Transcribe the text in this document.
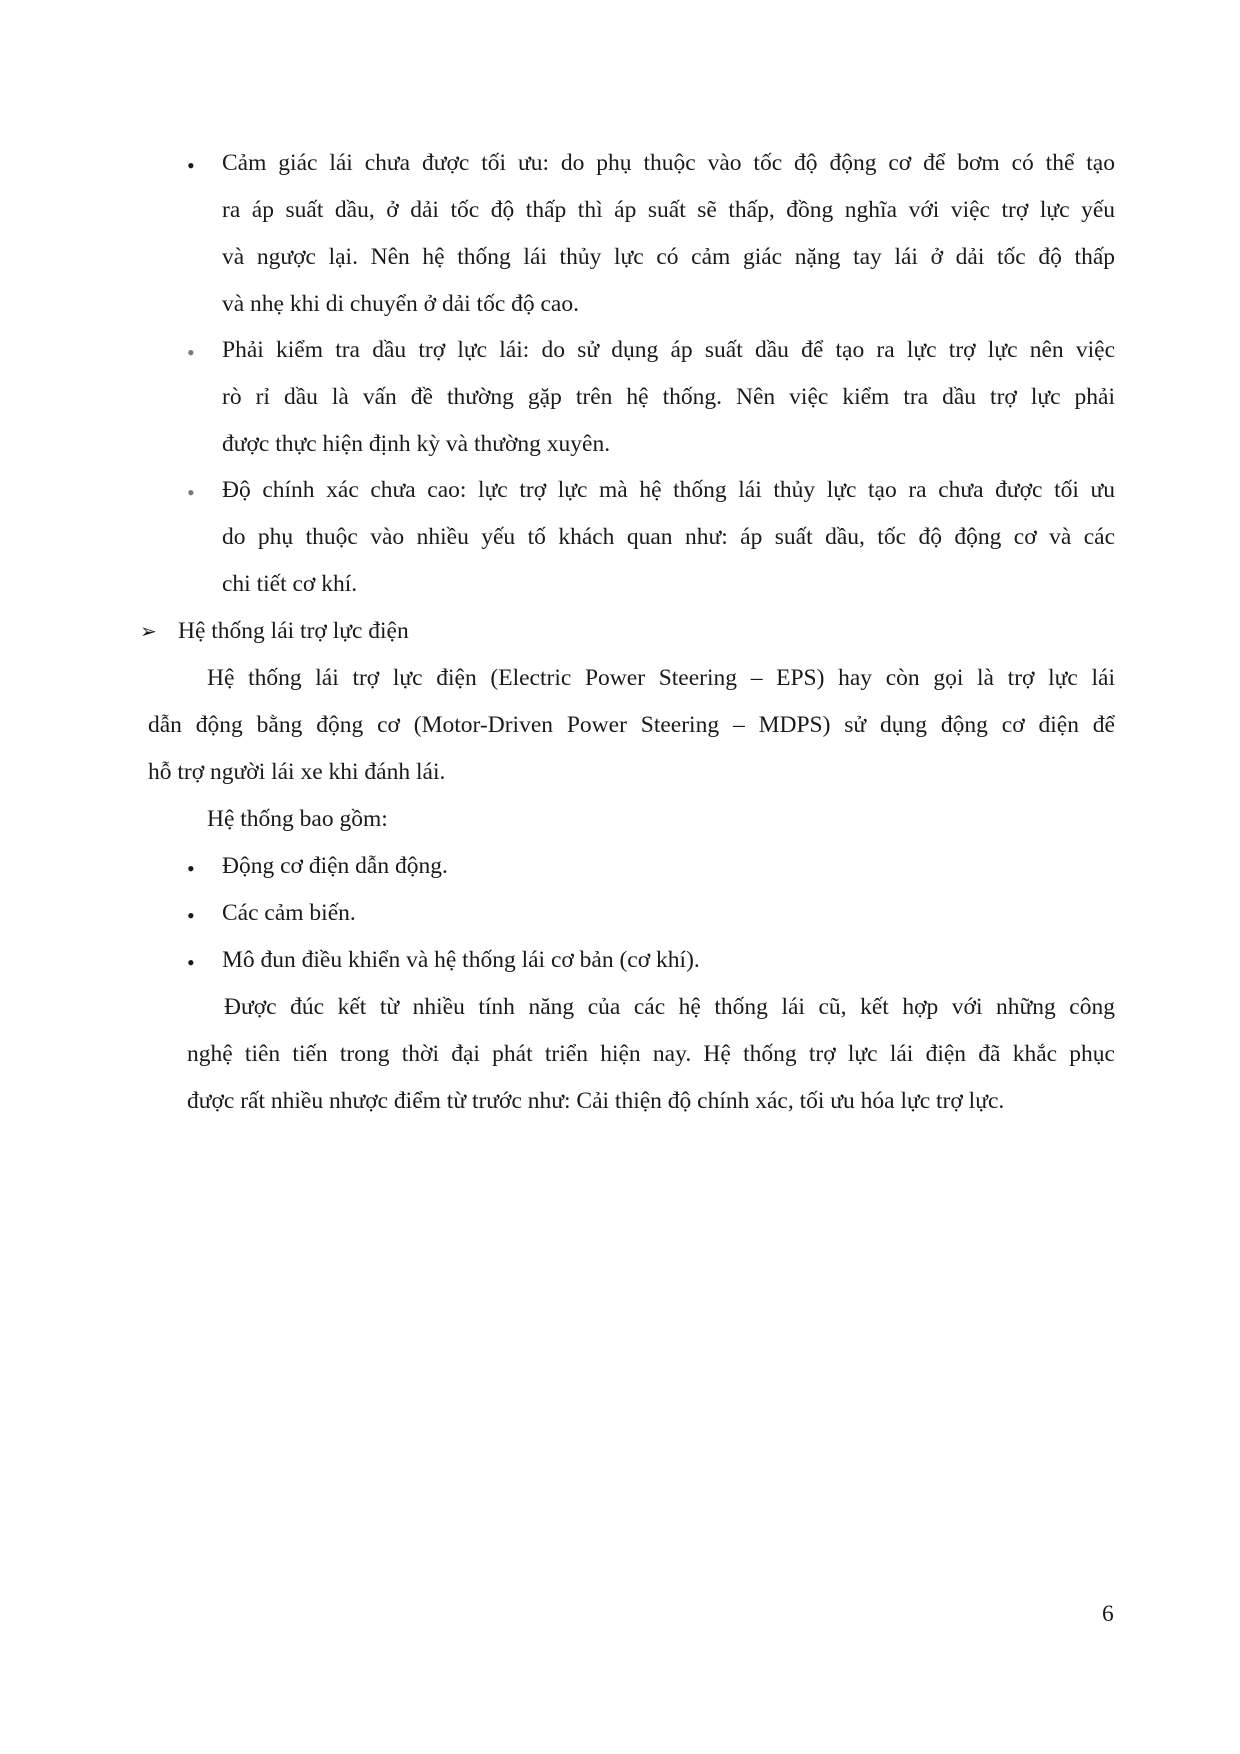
• Cảm giác lái chưa được tối ưu: do phụ thuộc vào tốc độ động cơ để bơm có thể tạo

ra áp suất dầu, ở dải tốc độ thấp thì áp suất sẽ thấp, đồng nghĩa với việc trợ lực yếu

và ngược lại. Nên hệ thống lái thủy lực có cảm giác nặng tay lái ở dải tốc độ thấp

và nhẹ khi di chuyển ở dải tốc độ cao.

• Phải kiểm tra dầu trợ lực lái: do sử dụng áp suất dầu để tạo ra lực trợ lực nên việc

rò rỉ dầu là vấn đề thường gặp trên hệ thống. Nên việc kiểm tra dầu trợ lực phải

được thực hiện định kỳ và thường xuyên.

• Độ chính xác chưa cao: lực trợ lực mà hệ thống lái thủy lực tạo ra chưa được tối ưu

do phụ thuộc vào nhiều yếu tố khách quan như: áp suất dầu, tốc độ động cơ và các

chi tiết cơ khí.

➢ Hệ thống lái trợ lực điện

Hệ thống lái trợ lực điện (Electric Power Steering – EPS) hay còn gọi là trợ lực lái

dẫn động bằng động cơ (Motor-Driven Power Steering – MDPS) sử dụng động cơ điện để

hỗ trợ người lái xe khi đánh lái.

Hệ thống bao gồm:

• Động cơ điện dẫn động.

• Các cảm biến.

• Mô đun điều khiển và hệ thống lái cơ bản (cơ khí).

Được đúc kết từ nhiều tính năng của các hệ thống lái cũ, kết hợp với những công

nghệ tiên tiến trong thời đại phát triển hiện nay. Hệ thống trợ lực lái điện đã khắc phục

được rất nhiều nhược điểm từ trước như: Cải thiện độ chính xác, tối ưu hóa lực trợ lực.

6
